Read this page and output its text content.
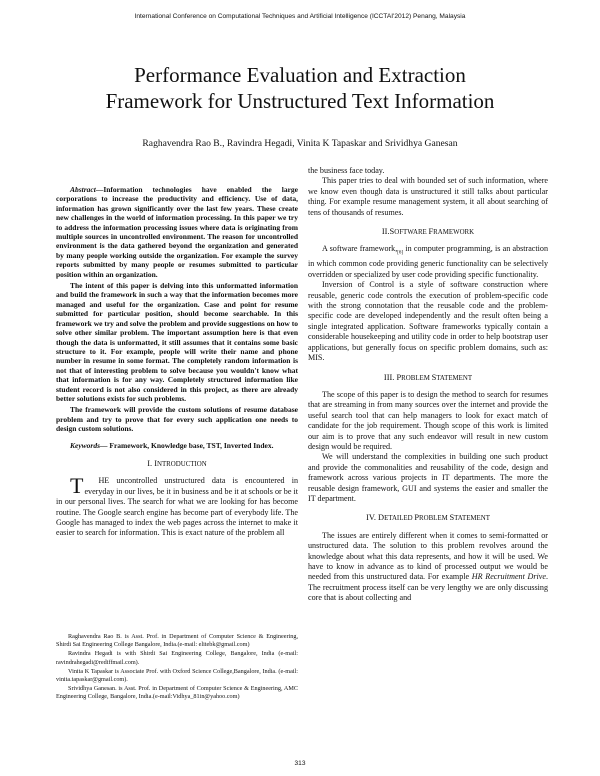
International Conference on Computational Techniques and Artificial Intelligence (ICCTAI'2012) Penang, Malaysia
Performance Evaluation and Extraction
Framework for Unstructured Text Information
Raghavendra Rao B., Ravindra Hegadi, Vinita K Tapaskar and Srividhya Ganesan

Abstract—Information technologies have enabled the large corporations to increase the productivity and efficiency. Use of data, information has grown significantly over the last few years. These create new challenges in the world of information processing. In this paper we try to address the information processing issues where data is originating from multiple sources in uncontrolled environment. The reason for uncontrolled environment is the data gathered beyond the organization and generated by many people working outside the organization. For example the survey reports submitted by many people or resumes submitted to particular position within an organization.

The intent of this paper is delving into this unformatted information and build the framework in such a way that the information becomes more managed and useful for the organization. Case and point for resume submitted for particular position, should become searchable. In this framework we try and solve the problem and provide suggestions on how to solve other similar problem. The important assumption here is that even though the data is unformatted, it still assumes that it contains some basic structure to it. For example, people will write their name and phone number in resume in some format. The completely random information is not that of interesting problem to solve because you wouldn't know what that information is for any way. Completely structured information like student record is not also considered in this project, as there are already better solutions exists for such problems.

The framework will provide the custom solutions of resume database problem and try to prove that for every such application one needs to design custom solutions.

Keywords— Framework, Knowledge base, TST, Inverted Index.

I. INTRODUCTION

T HE uncontrolled unstructured data is encountered in everyday in our lives, be it in business and be it at schools or be it in our personal lives. The search for what we are looking for has become routine. The Google search engine has become part of everybody life. The Google has managed to index the web pages across the internet to make it easier to search for information. This is exact nature of the problem all

Raghavendra Rao B. is Asst. Prof. in Department of Computer Science & Engineering, Shirdi Sai Engineering College Bangalore, India.(e-mail: elitebk@gmail.com)

Ravindra Hegadi is with Shirdi Sai Engineering College, Bangalore, India (e-mail: ravindrahegadi@rediffmail.com).

Vinita K Tapaskar is Associate Prof. with Oxford Science College,Bangalore, India. (e-mail: vinita.tapaskar@gmail.com).

Srividhya Ganesan. is Asst. Prof. in Department of Computer Science & Engineering, AMC Engineering College, Bangalore, India.(e-mail:Vidhya_81in@yahoo.com)

the business face today.

This paper tries to deal with bounded set of such information, where we know even though data is unstructured it still talks about particular thing. For example resume management system, it all about searching of tens of thousands of resumes.

II.SOFTWARE FRAMEWORK

A software $framework,_{[6]}$ in computer programming, is an abstraction in which common code providing generic functionality can be selectively overridden or specialized by user code providing specific functionality.

Inversion of Control is a style of software construction where reusable, generic code controls the execution of problem-specific code with the strong connotation that the reusable code and the problem-specific code are developed independently and the result often being a single integrated application. Software frameworks typically contain a considerable housekeeping and utility code in order to help bootstrap user applications, but generally focus on specific problem domains, such as: MIS.

III. PROBLEM STATEMENT

The scope of this paper is to design the method to search for resumes that are streaming in from many sources over the internet and provide the useful search tool that can help managers to look for exact match of candidate for the job requirement. Though scope of this work is limited our aim is to prove that any such endeavor will result in new custom design would be required.

We will understand the complexities in building one such product and provide the commonalities and reusability of the code, design and framework across various projects in IT departments. The more the reusable design framework, GUI and systems the easier and smaller the IT department.

IV. DETAILED PROBLEM STATEMENT

The issues are entirely different when it comes to semi-formatted or unstructured data. The solution to this problem revolves around the knowledge about what this data represents, and how it will be used. We have to know in advance as to kind of processed output we would be needed from this unstructured data. For example HR Recruitment Drive. The recruitment process itself can be very lengthy we are only discussing core that is about collecting and

313
